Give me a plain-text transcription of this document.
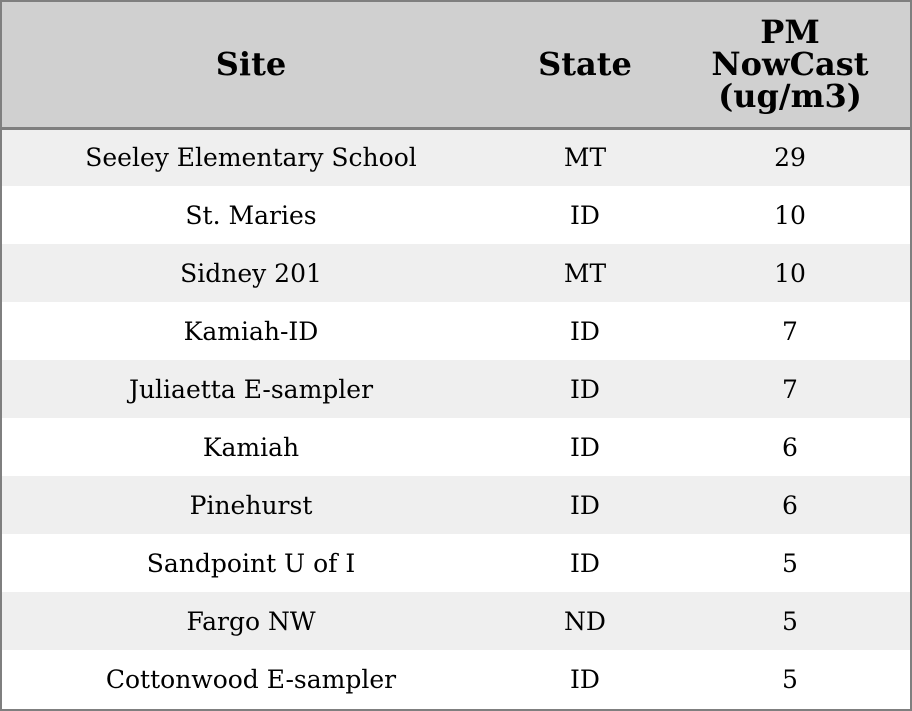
Site	State	PM NowCast (ug/m3)
Seeley Elementary School	MT	29
St. Maries	ID	10
Sidney 201	MT	10
Kamiah-ID	ID	7
Juliaetta E-sampler	ID	7
Kamiah	ID	6
Pinehurst	ID	6
Sandpoint U of I	ID	5
Fargo NW	ND	5
Cottonwood E-sampler	ID	5
